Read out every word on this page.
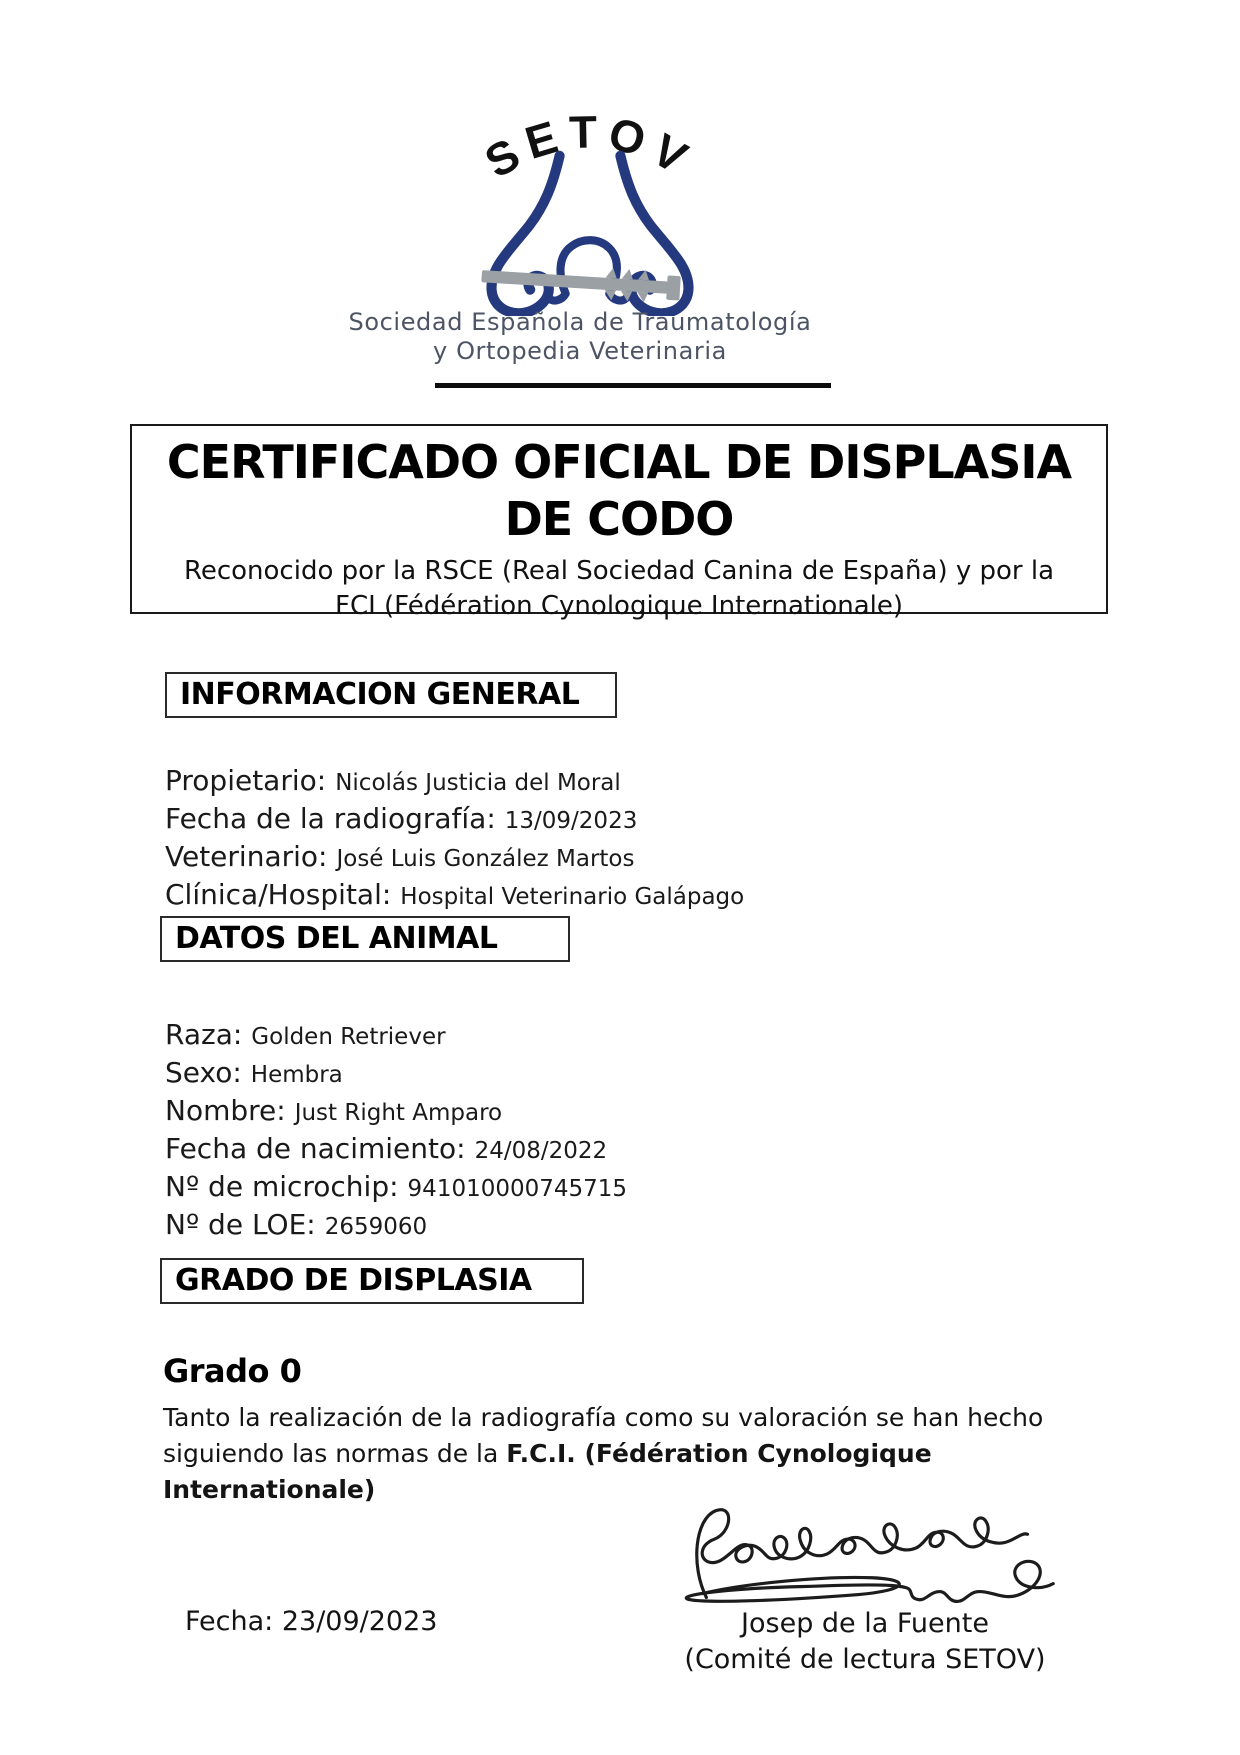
SETOV
Sociedad Española de Traumatología
y Ortopedia Veterinaria
CERTIFICADO OFICIAL DE DISPLASIA
DE CODO
Reconocido por la RSCE (Real Sociedad Canina de España) y por la FCI (Fédération Cynologique Internationale)
INFORMACION GENERAL
Propietario: Nicolás Justicia del Moral
Fecha de la radiografía: 13/09/2023
Veterinario: José Luis González Martos
Clínica/Hospital: Hospital Veterinario Galápago
DATOS DEL ANIMAL
Raza: Golden Retriever
Sexo: Hembra
Nombre: Just Right Amparo
Fecha de nacimiento: 24/08/2022
Nº de microchip: 941010000745715
Nº de LOE: 2659060
GRADO DE DISPLASIA
Grado 0
Tanto la realización de la radiografía como su valoración se han hecho siguiendo las normas de la F.C.I. (Fédération Cynologique Internationale)
Fecha: 23/09/2023	Josep de la Fuente
(Comité de lectura SETOV)
